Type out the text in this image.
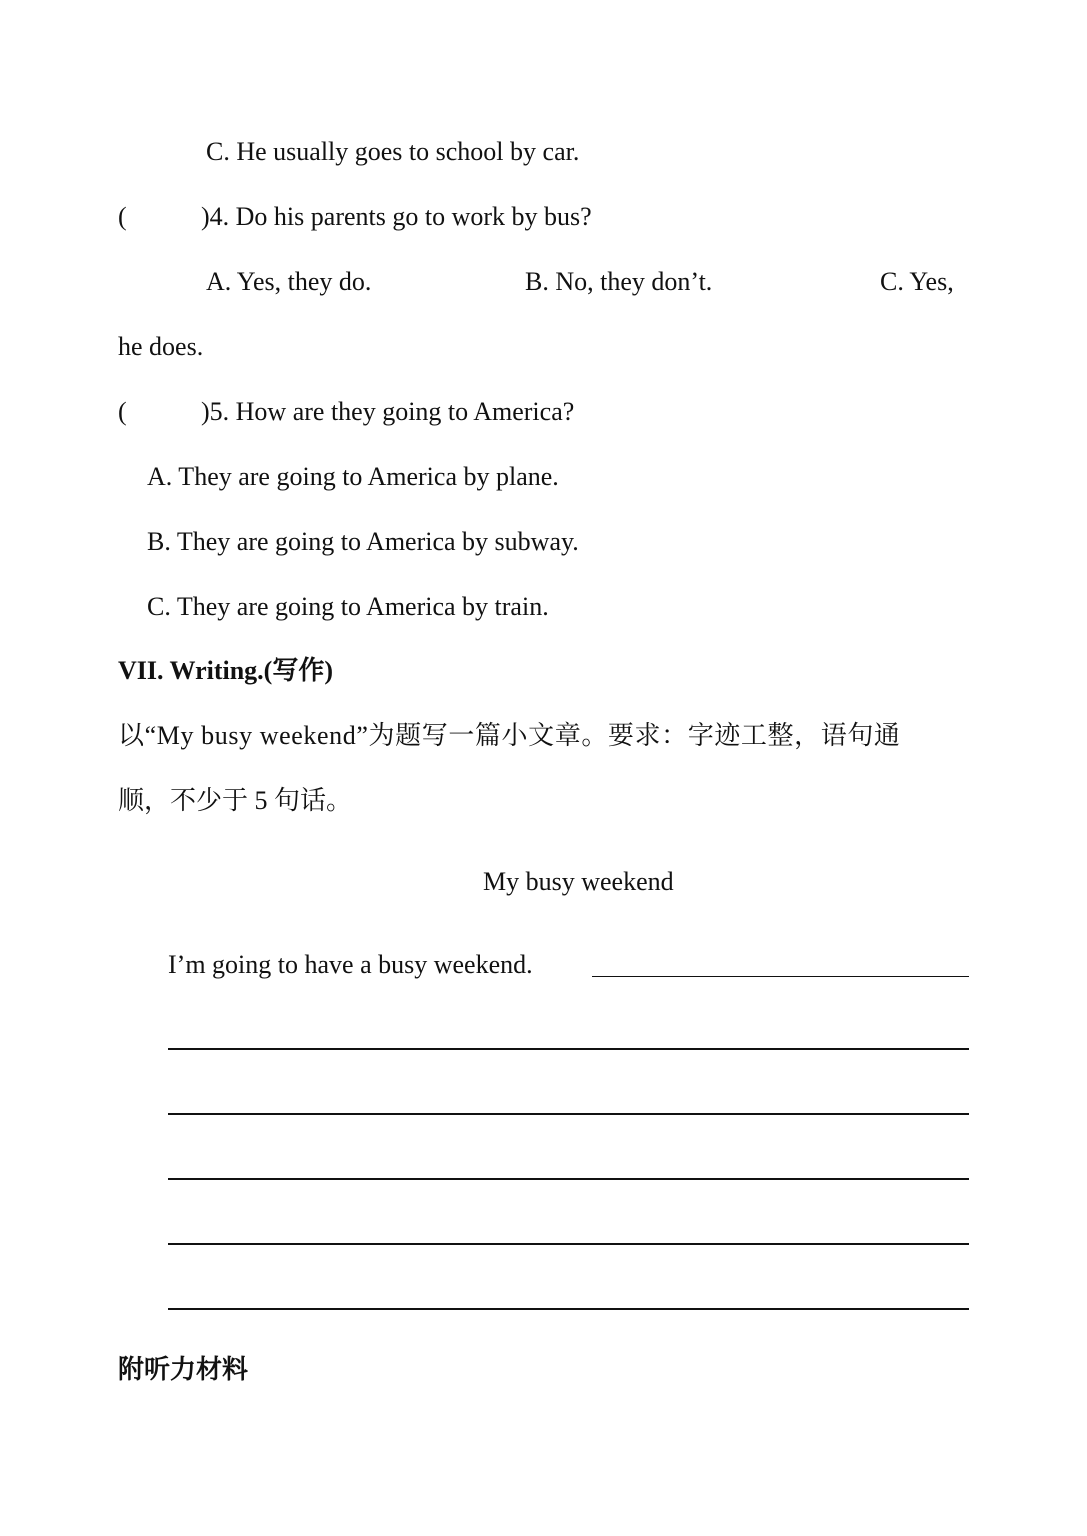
C. He usually goes to school by car.
(	)4. Do his parents go to work by bus?
A. Yes, they do.	B. No, they don’t.	C. Yes,
he does.
(	)5. How are they going to America?
A. They are going to America by plane.
B. They are going to America by subway.
C. They are going to America by train.
VII. Writing.(写作)
以“My busy weekend”为题写一篇小文章。要求：字迹工整，语句通
顺，不少于 5 句话。
My busy weekend
I’m going to have a busy weekend.
附听力材料
